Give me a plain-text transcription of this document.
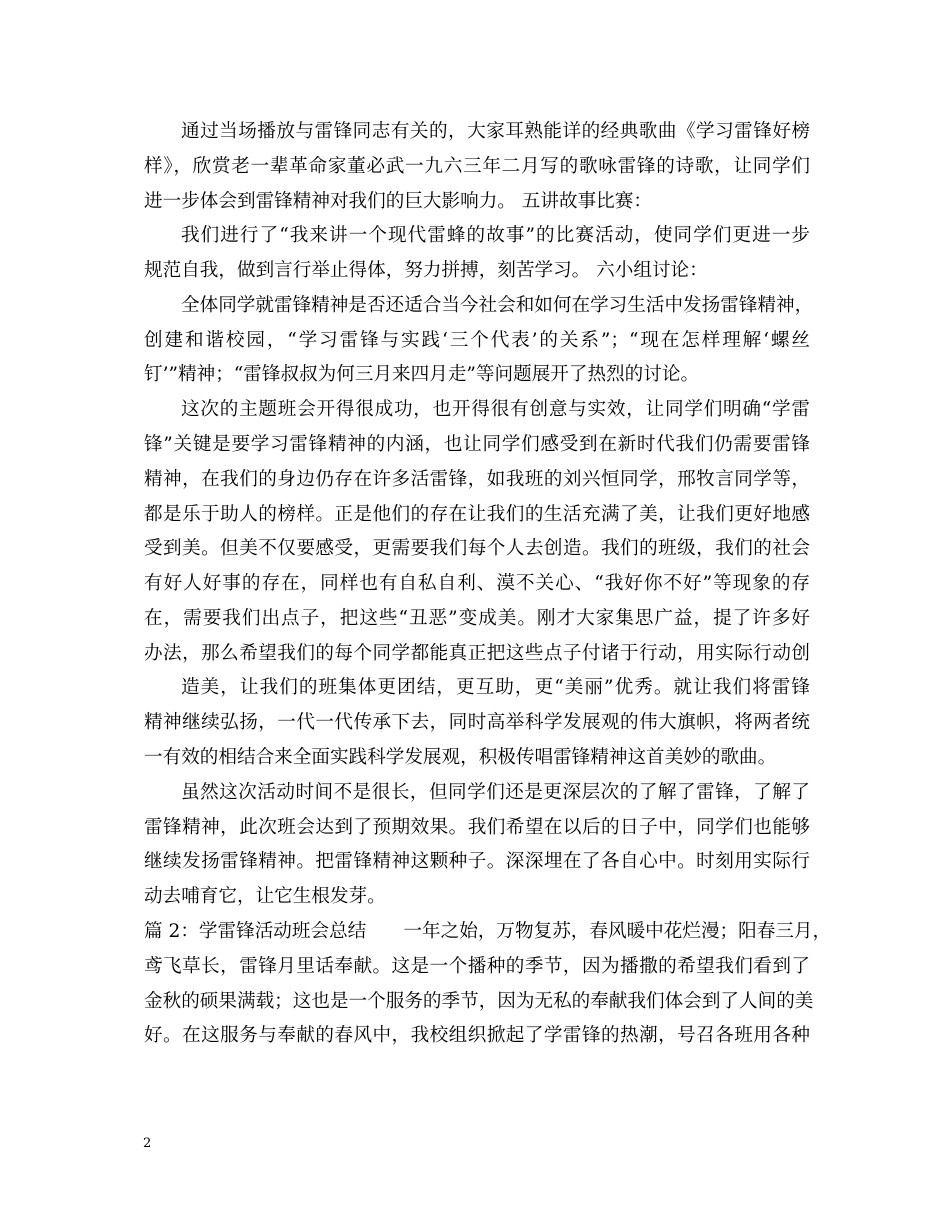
通过当场播放与雷锋同志有关的，大家耳熟能详的经典歌曲《学习雷锋好榜
样》，欣赏老一辈革命家董必武一九六三年二月写的歌咏雷锋的诗歌，让同学们
进一步体会到雷锋精神对我们的巨大影响力。 五讲故事比赛：
我们进行了“我来讲一个现代雷蜂的故事”的比赛活动，使同学们更进一步
规范自我，做到言行举止得体，努力拼搏，刻苦学习。 六小组讨论：
全体同学就雷锋精神是否还适合当今社会和如何在学习生活中发扬雷锋精神，
创建和谐校园，“学习雷锋与实践‘三个代表’的关系”；“现在怎样理解‘螺丝
钉’”精神；“雷锋叔叔为何三月来四月走”等问题展开了热烈的讨论。
这次的主题班会开得很成功，也开得很有创意与实效，让同学们明确“学雷
锋”关键是要学习雷锋精神的内涵，也让同学们感受到在新时代我们仍需要雷锋
精神，在我们的身边仍存在许多活雷锋，如我班的刘兴恒同学，邢牧言同学等，
都是乐于助人的榜样。正是他们的存在让我们的生活充满了美，让我们更好地感
受到美。但美不仅要感受，更需要我们每个人去创造。我们的班级，我们的社会
有好人好事的存在，同样也有自私自利、漠不关心、“我好你不好”等现象的存
在，需要我们出点子，把这些“丑恶”变成美。刚才大家集思广益，提了许多好
办法，那么希望我们的每个同学都能真正把这些点子付诸于行动，用实际行动创
造美，让我们的班集体更团结，更互助，更“美丽”优秀。就让我们将雷锋
精神继续弘扬，一代一代传承下去，同时高举科学发展观的伟大旗帜，将两者统
一有效的相结合来全面实践科学发展观，积极传唱雷锋精神这首美妙的歌曲。
虽然这次活动时间不是很长，但同学们还是更深层次的了解了雷锋，了解了
雷锋精神，此次班会达到了预期效果。我们希望在以后的日子中，同学们也能够
继续发扬雷锋精神。把雷锋精神这颗种子。深深埋在了各自心中。时刻用实际行
动去哺育它，让它生根发芽。
篇 2：学雷锋活动班会总结　　一年之始，万物复苏，春风暖中花烂漫；阳春三月，
鸢飞草长，雷锋月里话奉献。这是一个播种的季节，因为播撒的希望我们看到了
金秋的硕果满载；这也是一个服务的季节，因为无私的奉献我们体会到了人间的美
好。在这服务与奉献的春风中，我校组织掀起了学雷锋的热潮，号召各班用各种
2
